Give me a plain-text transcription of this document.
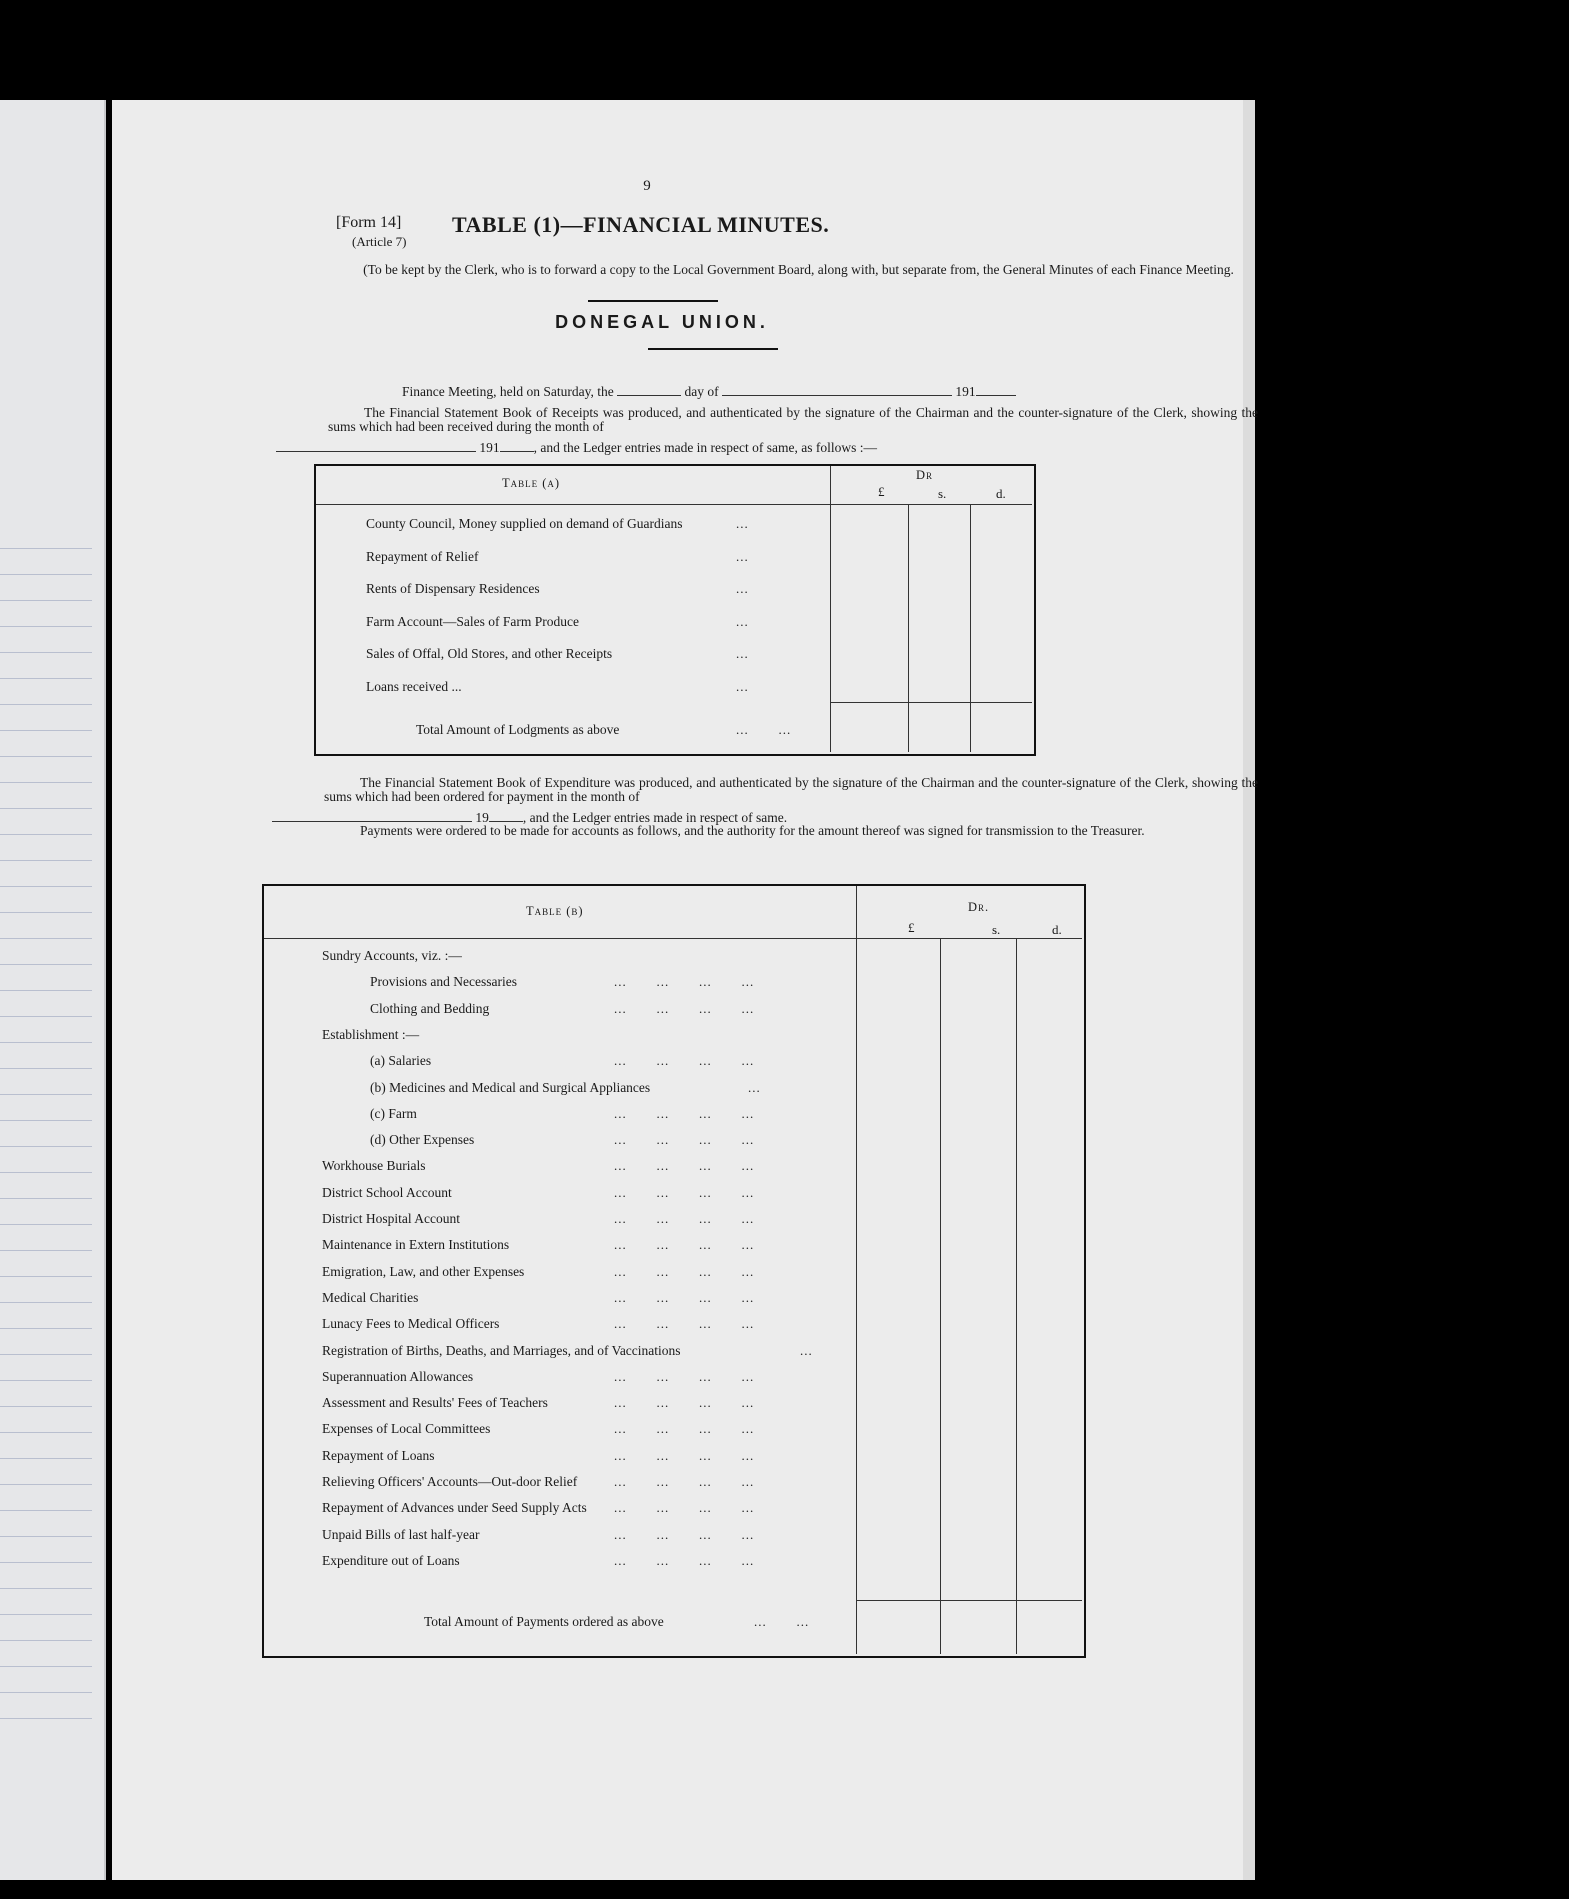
9
[Form 14]
(Article 7)
TABLE (1)—FINANCIAL MINUTES.
(To be kept by the Clerk, who is to forward a copy to the Local Government Board, along with, but separate from, the General Minutes of each Finance Meeting.
DONEGAL UNION.
Finance Meeting, held on Saturday, the	day of	191
The Financial Statement Book of Receipts was produced, and authenticated by the signature of the Chairman and the counter-signature of the Clerk, showing the sums which had been received during the month of
191	, and the Ledger entries made in respect of same, as follows :—
Table (a)
Dr
£	s.	d.
County Council, Money supplied on demand of Guardians	...
Repayment of Relief	...
Rents of Dispensary Residences	...
Farm Account—Sales of Farm Produce	...
Sales of Offal, Old Stores, and other Receipts	...
Loans received ...	...
Total Amount of Lodgments as above	...       ...
The Financial Statement Book of Expenditure was produced, and authenticated by the signature of the Chairman and the counter-signature of the Clerk, showing the sums which had been ordered for payment in the month of
19	, and the Ledger entries made in respect of same.
Payments were ordered to be made for accounts as follows, and the authority for the amount thereof was signed for transmission to the Treasurer.
Table (b)	Dr.
£	s.	d.
Sundry Accounts, viz. :—
Provisions and Necessaries	...       ...       ...       ...
Clothing and Bedding	...       ...       ...       ...
Establishment :—
(a) Salaries	...       ...       ...       ...
(b) Medicines and Medical and Surgical Appliances	...
(c) Farm	...       ...       ...       ...
(d) Other Expenses	...       ...       ...       ...
Workhouse Burials	...       ...       ...       ...
District School Account	...       ...       ...       ...
District Hospital Account	...       ...       ...       ...
Maintenance in Extern Institutions	...       ...       ...       ...
Emigration, Law, and other Expenses	...       ...       ...       ...
Medical Charities	...       ...       ...       ...
Lunacy Fees to Medical Officers	...       ...       ...       ...
Registration of Births, Deaths, and Marriages, and of Vaccinations	...
Superannuation Allowances	...       ...       ...       ...
Assessment and Results' Fees of Teachers	...       ...       ...       ...
Expenses of Local Committees	...       ...       ...       ...
Repayment of Loans	...       ...       ...       ...
Relieving Officers' Accounts—Out-door Relief	...       ...       ...       ...
Repayment of Advances under Seed Supply Acts ...       ...       ...       ...
Unpaid Bills of last half-year	...       ...       ...       ...
Expenditure out of Loans	...       ...       ...       ...
Total Amount of Payments ordered as above	...       ...
